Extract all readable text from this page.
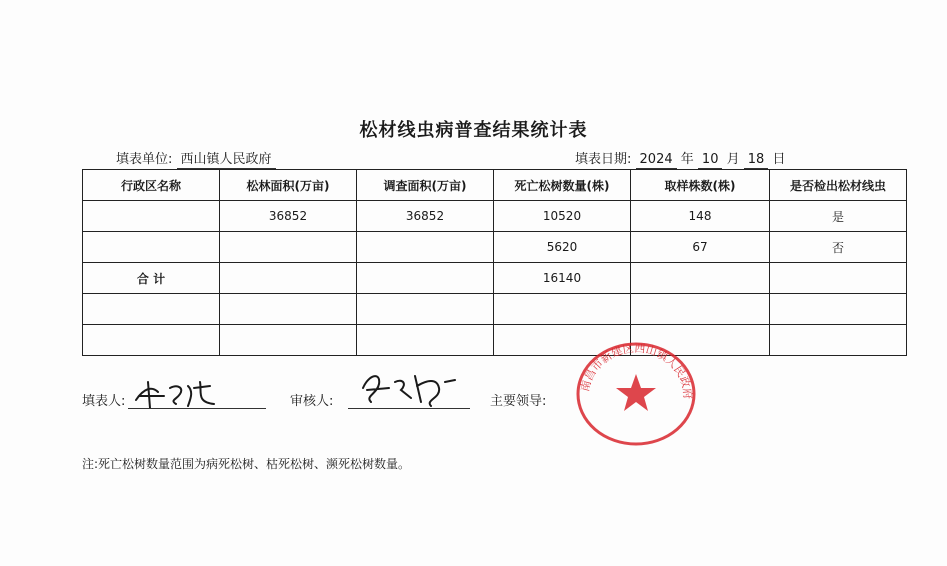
松材线虫病普查结果统计表
填表单位: 西山镇人民政府	填表日期: 2024 年 10 月 18 日
行政区名称	松林面积(万亩)	调查面积(万亩)	死亡松树数量(株)	取样株数(株)	是否检出松材线虫
	36852	36852	10520	148	是
			5620	67	否
合 计			16140		

填表人:	审核人:	主要领导:
南昌市新建区西山镇人民政府
注:死亡松树数量范围为病死松树、枯死松树、濒死松树数量。
